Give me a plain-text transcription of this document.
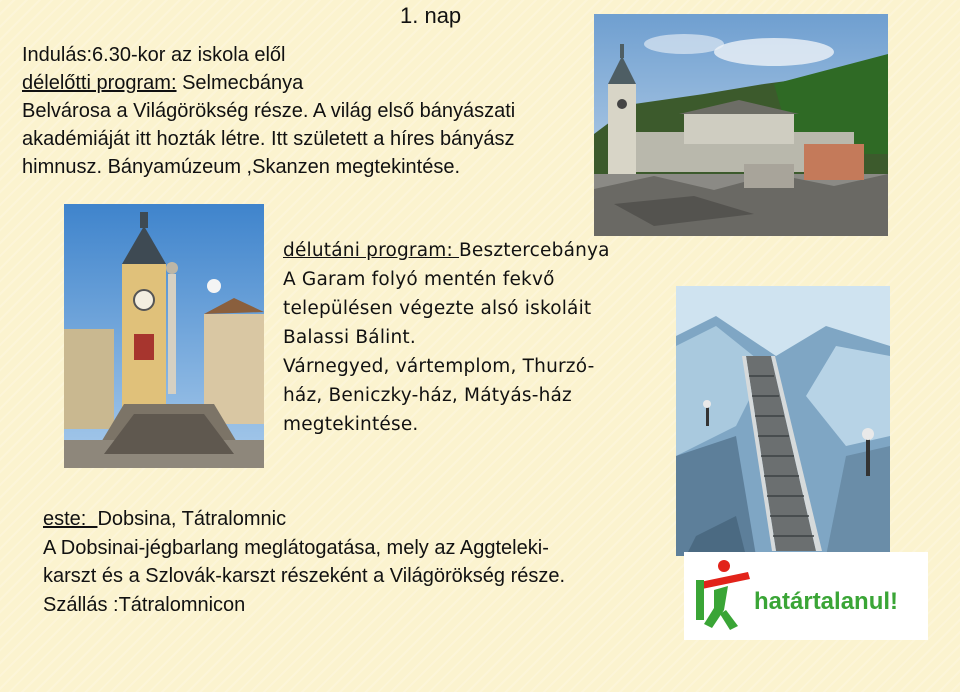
1. nap
Indulás:6.30-kor az iskola elől
délelőtti program: Selmecbánya
Belvárosa a Világörökség része. A világ első bányászati
akadémiáját itt hozták létre. Itt született a híres bányász
himnusz. Bányamúzeum ,Skanzen megtekintése.
délutáni program: Besztercebánya
A Garam folyó mentén fekvő
településen végezte alsó iskoláit
Balassi Bálint.
Várnegyed, vártemplom, Thurzó-
ház, Beniczky-ház, Mátyás-ház
megtekintése.
este:  Dobsina, Tátralomnic
A Dobsinai-jégbarlang meglátogatása, mely az Aggteleki-
karszt és a Szlovák-karszt részeként a Világörökség része.
Szállás :Tátralomnicon	határtalanul!
